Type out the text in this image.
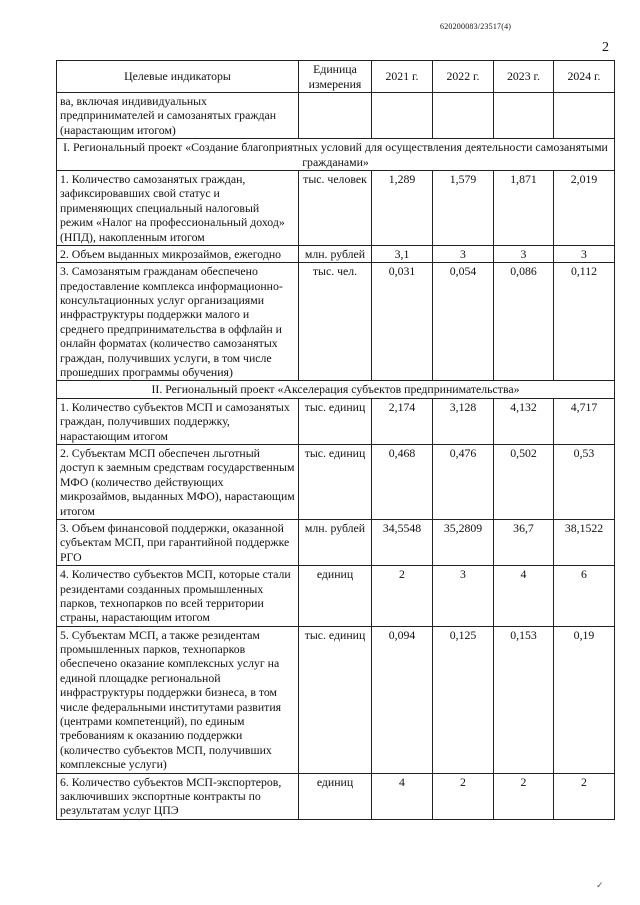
620200083/23517(4)
2
Целевые индикаторы	Единица измерения	2021 г.	2022 г.	2023 г.	2024 г.
ва, включая индивидуальных предпринимателей и самозанятых граждан (нарастающим итогом)					
I. Региональный проект «Создание благоприятных условий для осуществления деятельности самозанятыми гражданами»					
1. Количество самозанятых граждан, зафиксировавших свой статус и применяющих специальный налоговый режим «Налог на профессиональный доход» (НПД), накопленным итогом	тыс. человек	1,289	1,579	1,871	2,019
2. Объем выданных микрозаймов, ежегодно	млн. рублей	3,1	3	3	3
3. Самозанятым гражданам обеспечено предоставление комплекса информационно-консультационных услуг организациями инфраструктуры поддержки малого и среднего предпринимательства в оффлайн и онлайн форматах (количество самозанятых граждан, получивших услуги, в том числе прошедших программы обучения)	тыс. чел.	0,031	0,054	0,086	0,112
II. Региональный проект «Акселерация субъектов предпринимательства»					
1. Количество субъектов МСП и самозанятых граждан, получивших поддержку, нарастающим итогом	тыс. единиц	2,174	3,128	4,132	4,717
2. Субъектам МСП обеспечен льготный доступ к заемным средствам государственным МФО (количество действующих микрозаймов, выданных МФО), нарастающим итогом	тыс. единиц	0,468	0,476	0,502	0,53
3. Объем финансовой поддержки, оказанной субъектам МСП, при гарантийной поддержке РГО	млн. рублей	34,5548	35,2809	36,7	38,1522
4. Количество субъектов МСП, которые стали резидентами созданных промышленных парков, технопарков по всей территории страны, нарастающим итогом	единиц	2	3	4	6
5. Субъектам МСП, а также резидентам промышленных парков, технопарков обеспечено оказание комплексных услуг на единой площадке региональной инфраструктуры поддержки бизнеса, в том числе федеральными институтами развития (центрами компетенций), по единым требованиям к оказанию поддержки (количество субъектов МСП, получивших комплексные услуги)	тыс. единиц	0,094	0,125	0,153	0,19
6. Количество субъектов МСП-экспортеров, заключивших экспортные контракты по результатам услуг ЦПЭ	единиц	4	2	2	2
✓
